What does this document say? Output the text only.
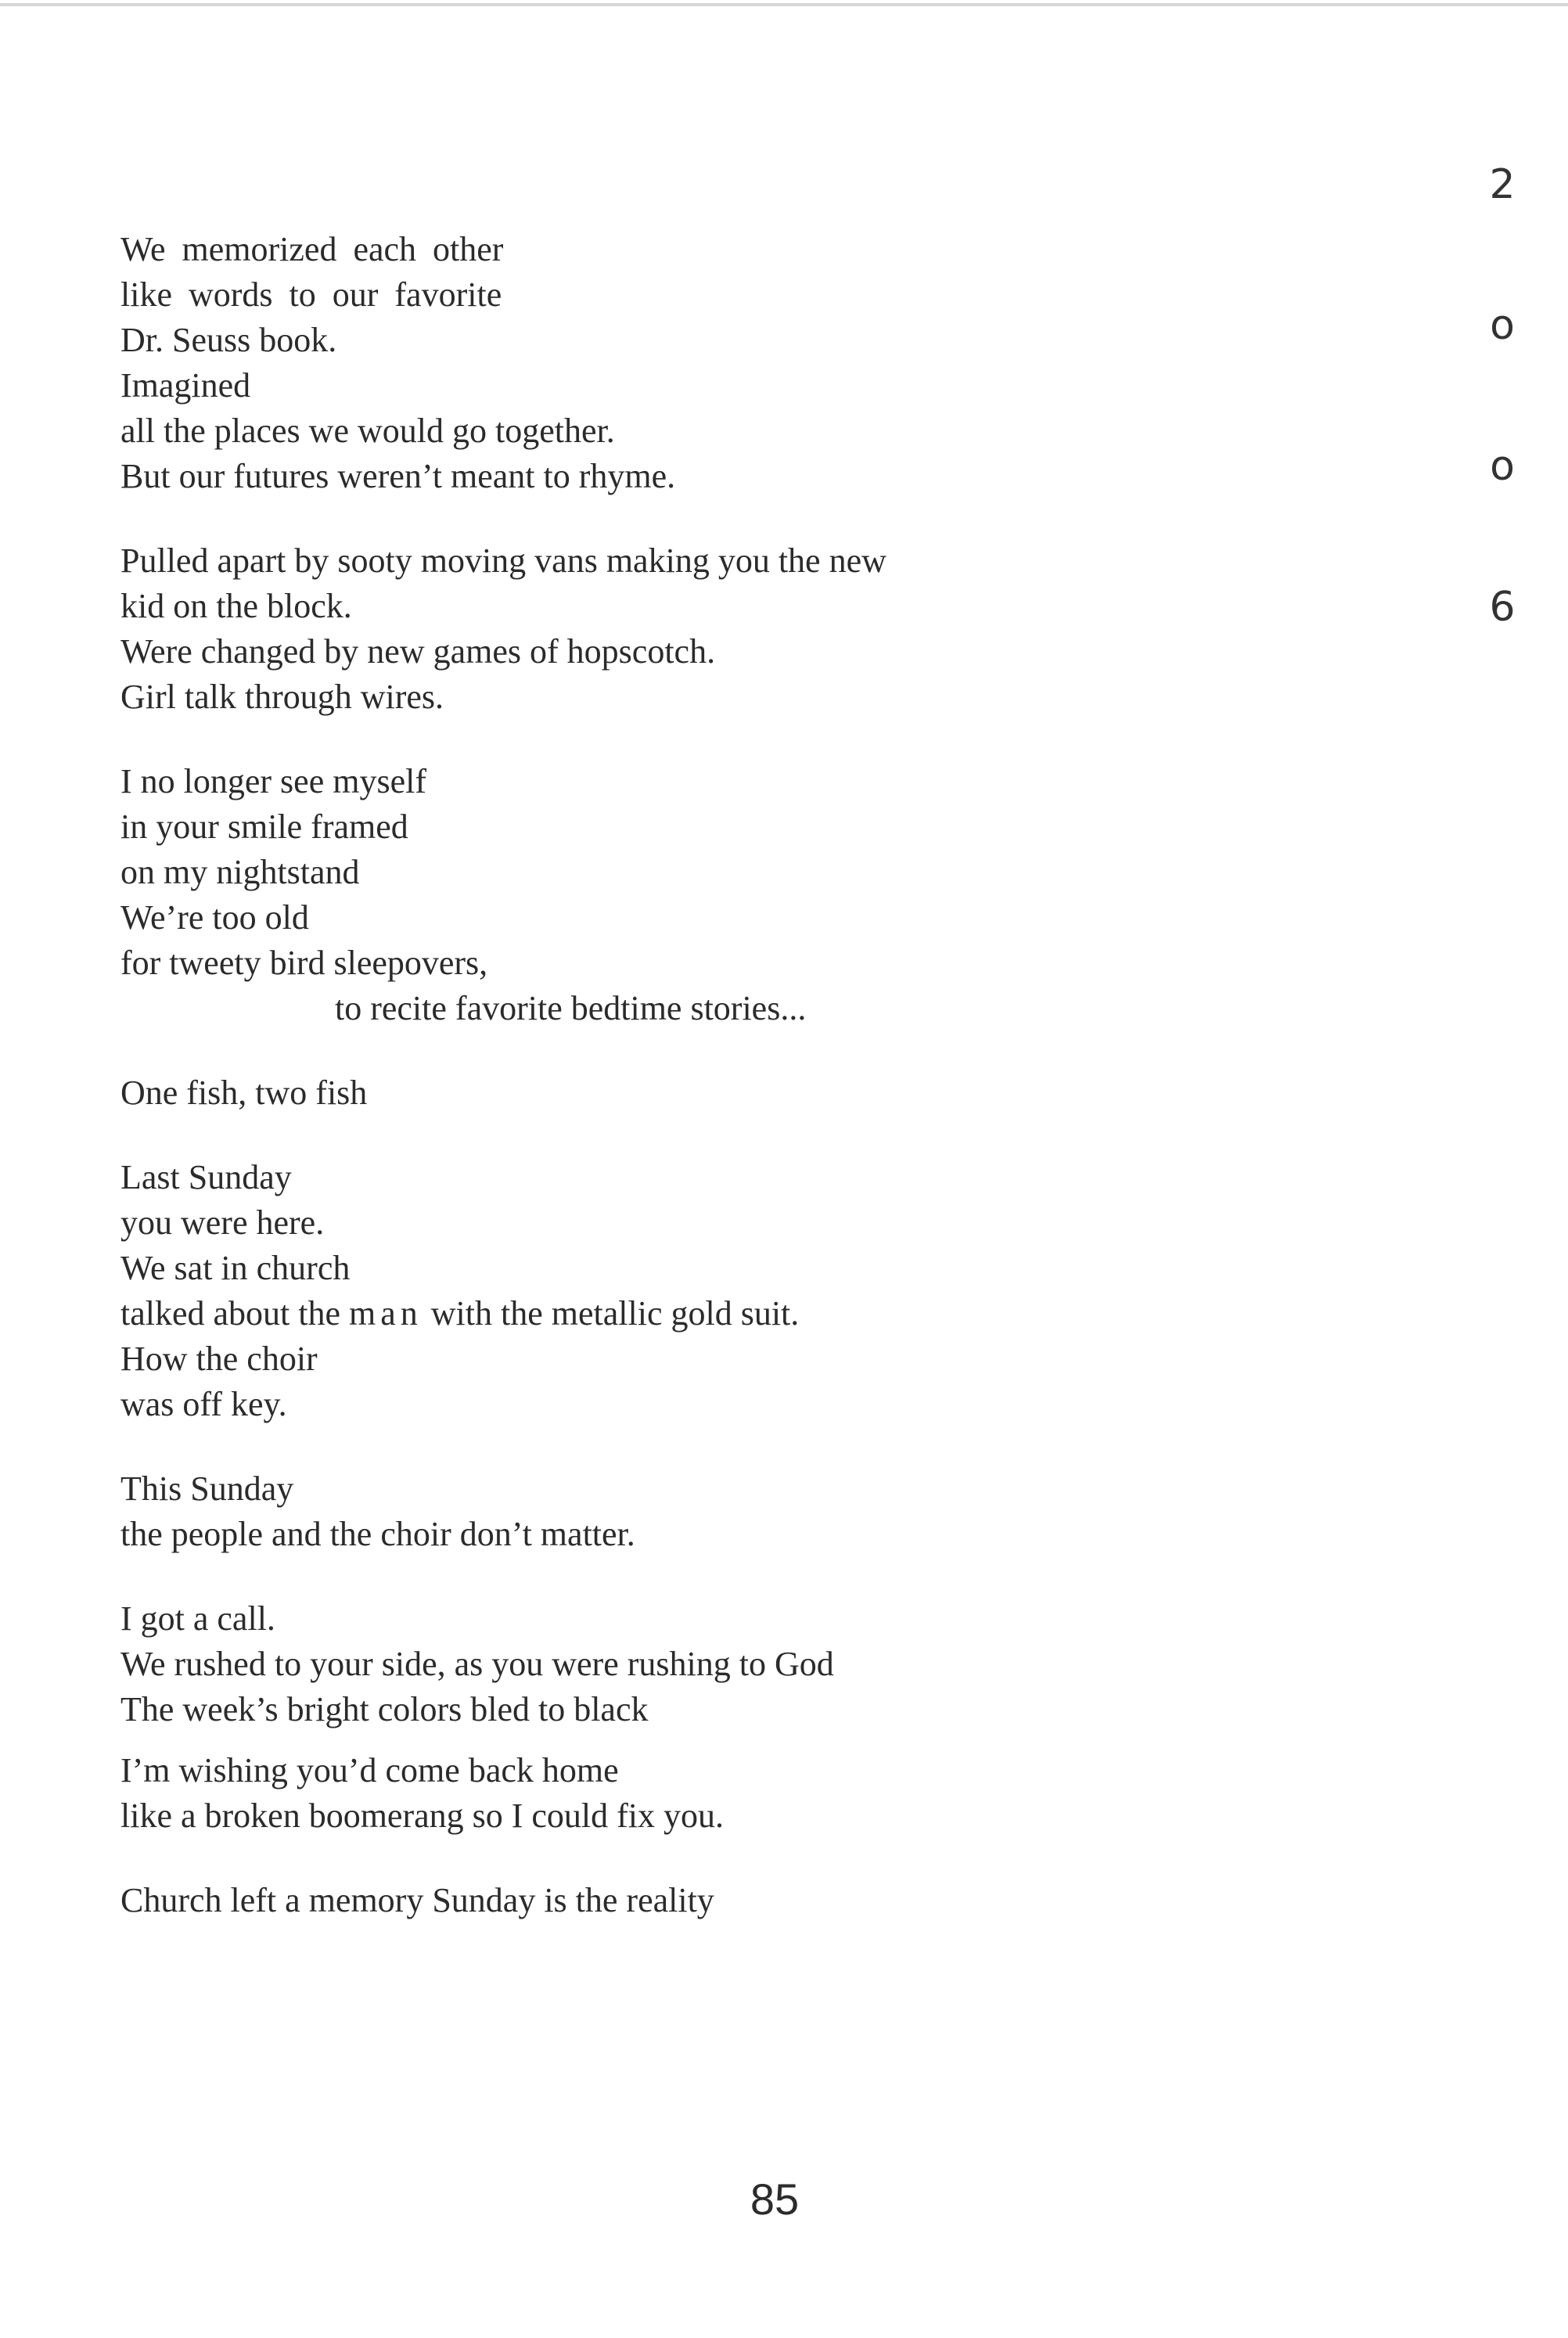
We memorized each other
like words to our favorite
Dr. Seuss book.
Imagined
all the places we would go together.
But our futures weren’t meant to rhyme.
Pulled apart by sooty moving vans making you the new
kid on the block.
Were changed by new games of hopscotch.
Girl talk through wires.
I no longer see myself
in your smile framed
on my nightstand
We’re too old
for tweety bird sleepovers,
to recite favorite bedtime stories...
One fish, two fish
Last Sunday
you were here.
We sat in church
talked about the man with the metallic gold suit.
How the choir
was off key.
This Sunday
the people and the choir don’t matter.
I got a call.
We rushed to your side, as you were rushing to God
The week’s bright colors bled to black
I’m wishing you’d come back home
like a broken boomerang so I could fix you.
Church left a memory Sunday is the reality
2
o
o
6
85
